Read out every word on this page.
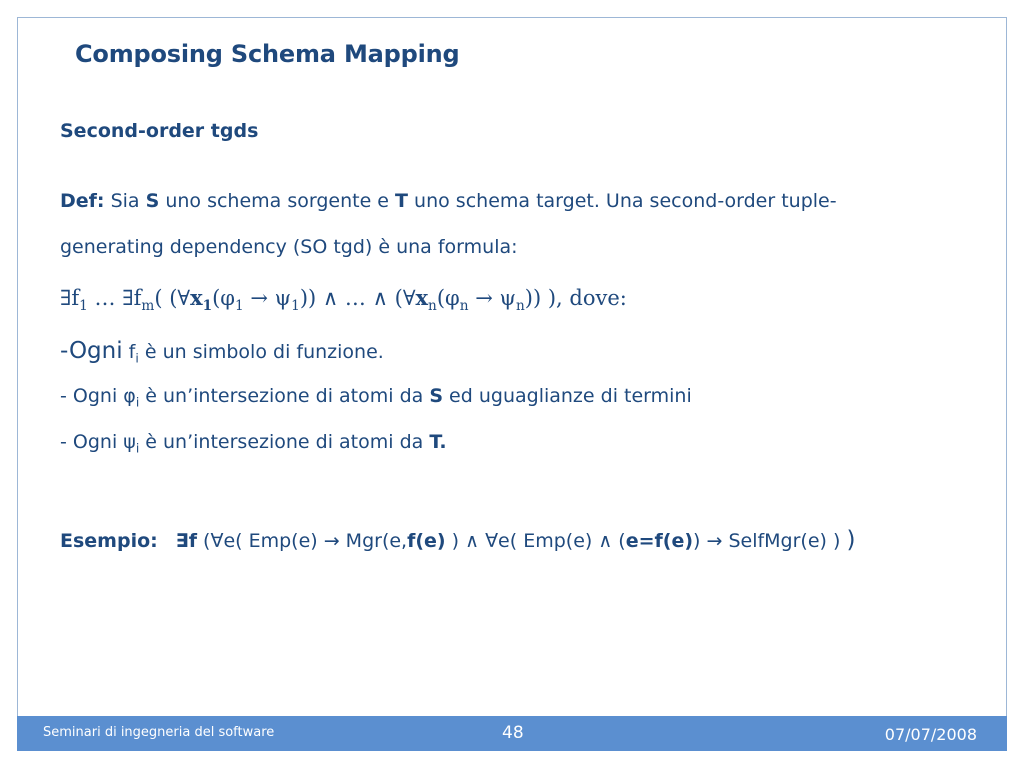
Composing Schema Mapping
Second-order tgds
Def: Sia S uno schema sorgente e T uno schema target. Una second-order tuple-
generating dependency (SO tgd) è una formula:
$\exists f_1$ … $\exists f_m$( $(\forall x_1(\varphi_1 \to \psi_1))$ ∧ … ∧ $(\forall x_n(\varphi_n \to \psi_n))$ ), dove:
-Ogni $f_i$ è un simbolo di funzione.
- Ogni $\varphi_i$ è un’intersezione di atomi da S ed uguaglianze di termini
- Ogni $\psi_i$ è un’intersezione di atomi da T.
Esempio: ∃f (∀e( Emp(e) → Mgr(e,f(e) ) ∧ ∀e( Emp(e) ∧ (e=f(e)) → SelfMgr(e) ) )
Seminari di ingegneria del software	48	07/07/2008
